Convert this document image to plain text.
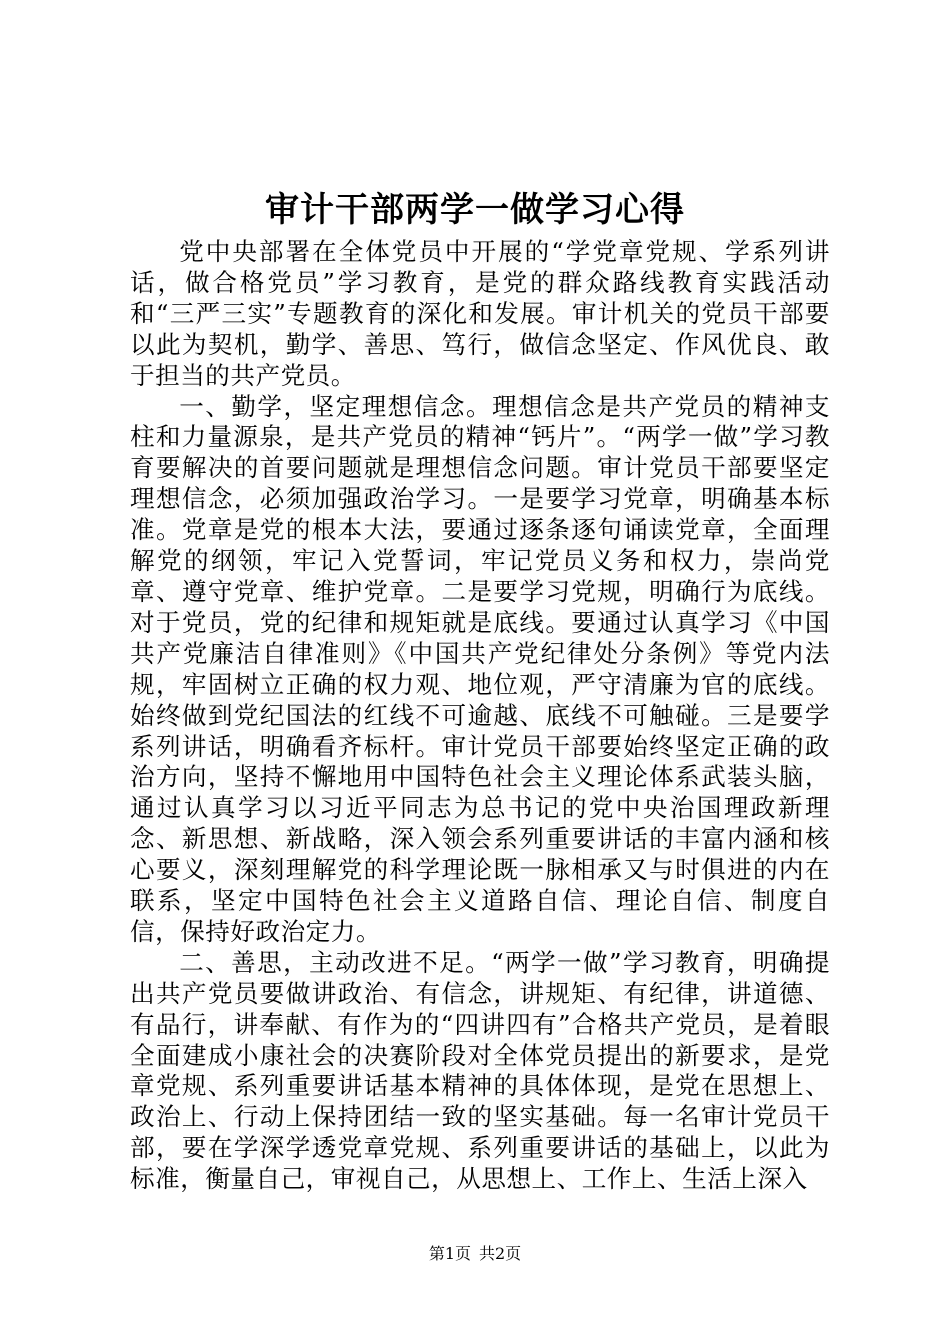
审计干部两学一做学习心得

党中央部署在全体党员中开展的“学党章党规、学系列讲话，做合格党员”学习教育，是党的群众路线教育实践活动和“三严三实”专题教育的深化和发展。审计机关的党员干部要以此为契机，勤学、善思、笃行，做信念坚定、作风优良、敢于担当的共产党员。

一、勤学，坚定理想信念。理想信念是共产党员的精神支柱和力量源泉，是共产党员的精神“钙片”。“两学一做”学习教育要解决的首要问题就是理想信念问题。审计党员干部要坚定理想信念，必须加强政治学习。一是要学习党章，明确基本标准。党章是党的根本大法，要通过逐条逐句诵读党章，全面理解党的纲领，牢记入党誓词，牢记党员义务和权力，崇尚党章、遵守党章、维护党章。二是要学习党规，明确行为底线。对于党员，党的纪律和规矩就是底线。要通过认真学习《中国共产党廉洁自律准则》《中国共产党纪律处分条例》等党内法规，牢固树立正确的权力观、地位观，严守清廉为官的底线。始终做到党纪国法的红线不可逾越、底线不可触碰。三是要学系列讲话，明确看齐标杆。审计党员干部要始终坚定正确的政治方向，坚持不懈地用中国特色社会主义理论体系武装头脑，通过认真学习以习近平同志为总书记的党中央治国理政新理念、新思想、新战略，深入领会系列重要讲话的丰富内涵和核心要义，深刻理解党的科学理论既一脉相承又与时俱进的内在联系，坚定中国特色社会主义道路自信、理论自信、制度自信，保持好政治定力。

二、善思，主动改进不足。“两学一做”学习教育，明确提出共产党员要做讲政治、有信念，讲规矩、有纪律，讲道德、有品行，讲奉献、有作为的“四讲四有”合格共产党员，是着眼全面建成小康社会的决赛阶段对全体党员提出的新要求，是党章党规、系列重要讲话基本精神的具体体现，是党在思想上、政治上、行动上保持团结一致的坚实基础。每一名审计党员干部，要在学深学透党章党规、系列重要讲话的基础上，以此为标准，衡量自己，审视自己，从思想上、工作上、生活上深入

第1页 共2页
